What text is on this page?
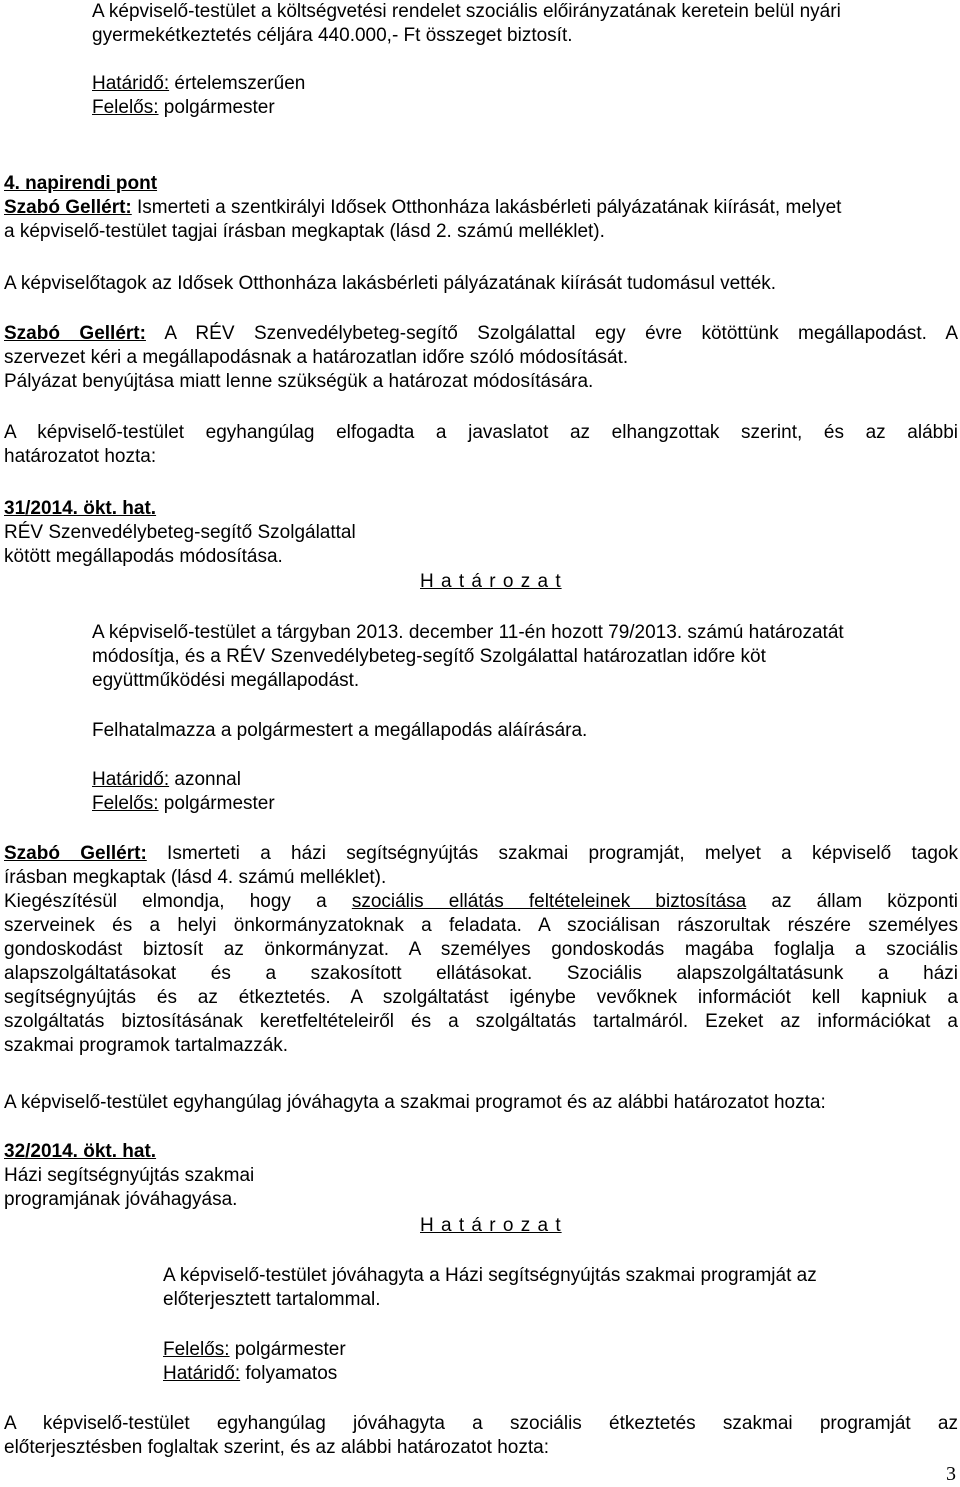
A képviselő-testület a költségvetési rendelet szociális előirányzatának keretein belül nyári
gyermekétkeztetés céljára 440.000,- Ft összeget biztosít.
Határidő: értelemszerűen
Felelős: polgármester
4. napirendi pont
Szabó Gellért: Ismerteti a szentkirályi Idősek Otthonháza lakásbérleti pályázatának kiírását, melyet
a képviselő-testület tagjai írásban megkaptak (lásd 2. számú melléklet).
A képviselőtagok az Idősek Otthonháza lakásbérleti pályázatának kiírását tudomásul vették.
Szabó Gellért: A RÉV Szenvedélybeteg-segítő Szolgálattal egy évre kötöttünk megállapodást. A
szervezet kéri a megállapodásnak a határozatlan időre szóló módosítását.
Pályázat benyújtása miatt lenne szükségük a határozat módosítására.
A képviselő-testület egyhangúlag elfogadta a javaslatot az elhangzottak szerint, és az alábbi
határozatot hozta:
31/2014. ökt. hat.
RÉV Szenvedélybeteg-segítő Szolgálattal
kötött megállapodás módosítása.
H a t á r o z a t
A képviselő-testület a tárgyban 2013. december 11-én hozott 79/2013. számú határozatát
módosítja, és a RÉV Szenvedélybeteg-segítő Szolgálattal határozatlan időre köt
együttműködési megállapodást.
Felhatalmazza a polgármestert a megállapodás aláírására.
Határidő: azonnal
Felelős: polgármester
Szabó Gellért: Ismerteti a házi segítségnyújtás szakmai programját, melyet a képviselő tagok
írásban megkaptak (lásd 4. számú melléklet).
Kiegészítésül elmondja, hogy a szociális ellátás feltételeinek biztosítása az állam központi
szerveinek és a helyi önkormányzatoknak a feladata. A szociálisan rászorultak részére személyes
gondoskodást biztosít az önkormányzat. A személyes gondoskodás magába foglalja a szociális
alapszolgáltatásokat és a szakosított ellátásokat. Szociális alapszolgáltatásunk a házi
segítségnyújtás és az étkeztetés. A szolgáltatást igénybe vevőknek információt kell kapniuk a
szolgáltatás biztosításának keretfeltételeiről és a szolgáltatás tartalmáról. Ezeket az információkat a
szakmai programok tartalmazzák.
A képviselő-testület egyhangúlag jóváhagyta a szakmai programot és az alábbi határozatot hozta:
32/2014. ökt. hat.
Házi segítségnyújtás szakmai
programjának jóváhagyása.
H a t á r o z a t
A képviselő-testület jóváhagyta a Házi segítségnyújtás szakmai programját az
előterjesztett tartalommal.
Felelős: polgármester
Határidő: folyamatos
A képviselő-testület egyhangúlag jóváhagyta a szociális étkeztetés szakmai programját az
előterjesztésben foglaltak szerint, és az alábbi határozatot hozta:
3
